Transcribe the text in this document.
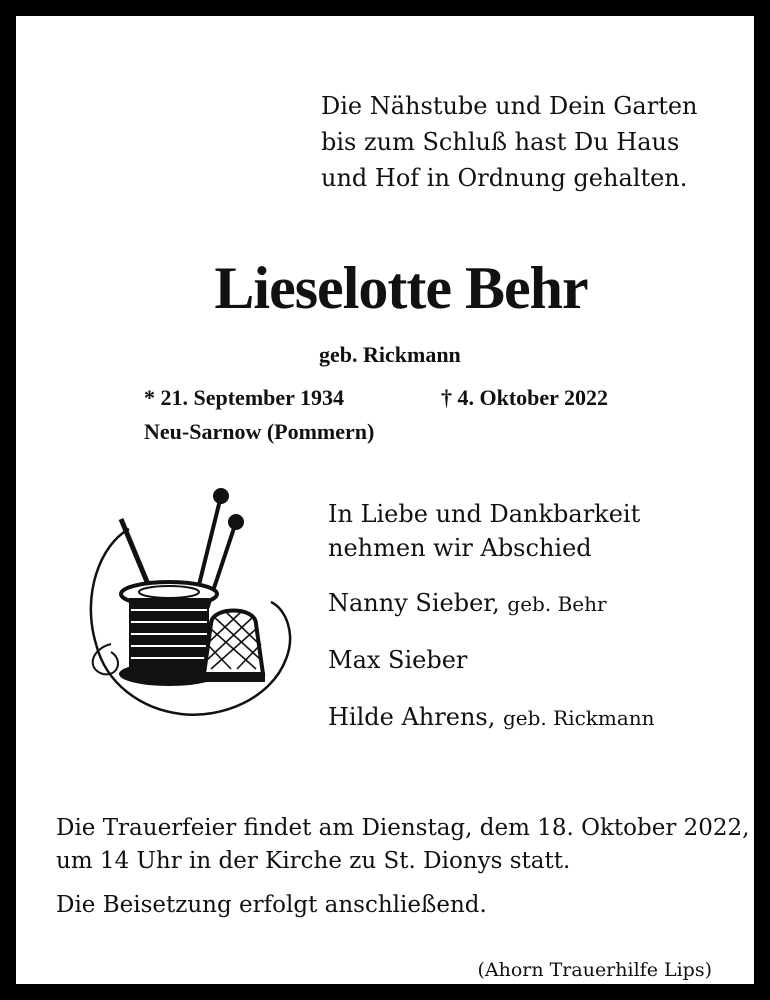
Die Nähstube und Dein Garten
bis zum Schluß hast Du Haus
und Hof in Ordnung gehalten.
Lieselotte Behr
geb. Rickmann
* 21. September 1934	† 4. Oktober 2022
Neu-Sarnow (Pommern)
In Liebe und Dankbarkeit
nehmen wir Abschied
Nanny Sieber, geb. Behr
Max Sieber
Hilde Ahrens, geb. Rickmann
Die Trauerfeier findet am Dienstag, dem 18. Oktober 2022,
um 14 Uhr in der Kirche zu St. Dionys statt.
Die Beisetzung erfolgt anschließend.
(Ahorn Trauerhilfe Lips)
